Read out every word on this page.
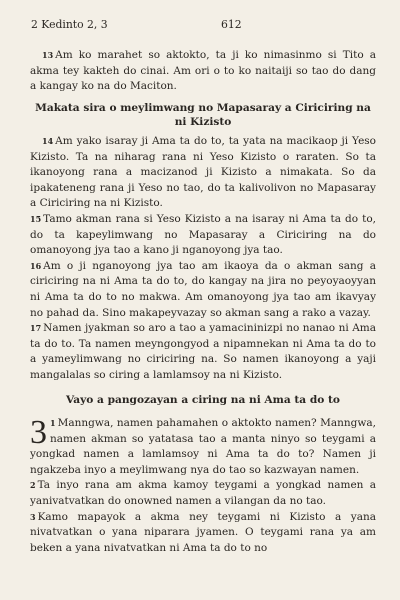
2 Kedinto 2, 3	612

13 Am ko marahet so aktokto, ta ji ko nimasinmo si Tito a akma tey kakteh do cinai. Am ori o to ko naitaiji so tao do dang a kangay ko na do Maciton.

Makata sira o meylimwang no Mapasaray a Ciriciring na ni Kizisto

14 Am yako isaray ji Ama ta do to, ta yata na macikaop ji Yeso Kizisto. Ta na niharag rana ni Yeso Kizisto o raraten. So ta ikanoyong rana a macizanod ji Kizisto a nimakata. So da ipakateneng rana ji Yeso no tao, do ta kalivolivon no Mapasaray a Ciriciring na ni Kizisto.

15 Tamo akman rana si Yeso Kizisto a na isaray ni Ama ta do to, do ta kapeylimwang no Mapasaray a Ciriciring na do omanoyong jya tao a kano ji nganoyong jya tao.

16 Am o ji nganoyong jya tao am ikaoya da o akman sang a ciriciring na ni Ama ta do to, do kangay na jira no peyoyaoyyan ni Ama ta do to no makwa. Am omanoyong jya tao am ikavyay no pahad da. Sino makapeyvazay so akman sang a rako a vazay.

17 Namen jyakman so aro a tao a yamacininizpi no nanao ni Ama ta do to. Ta namen meyngongyod a nipamnekan ni Ama ta do to a yameylimwang no ciriciring na. So namen ikanoyong a yaji mangalalas so ciring a lamlamsoy na ni Kizisto.

Vayo a pangozayan a ciring na ni Ama ta do to

3 1 Manngwa, namen pahamahen o aktokto namen? Manngwa, namen akman so yatatasa tao a manta ninyo so teygami a yongkad namen a lamlamsoy ni Ama ta do to? Namen ji ngakzeba inyo a meylimwang nya do tao so kazwayan namen.

2 Ta inyo rana am akma kamoy teygami a yongkad namen a yanivatvatkan do onowned namen a vilangan da no tao.

3 Kamo mapayok a akma ney teygami ni Kizisto a yana nivatvatkan o yana niparara jyamen. O teygami rana ya am beken a yana nivatvatkan ni Ama ta do to no
